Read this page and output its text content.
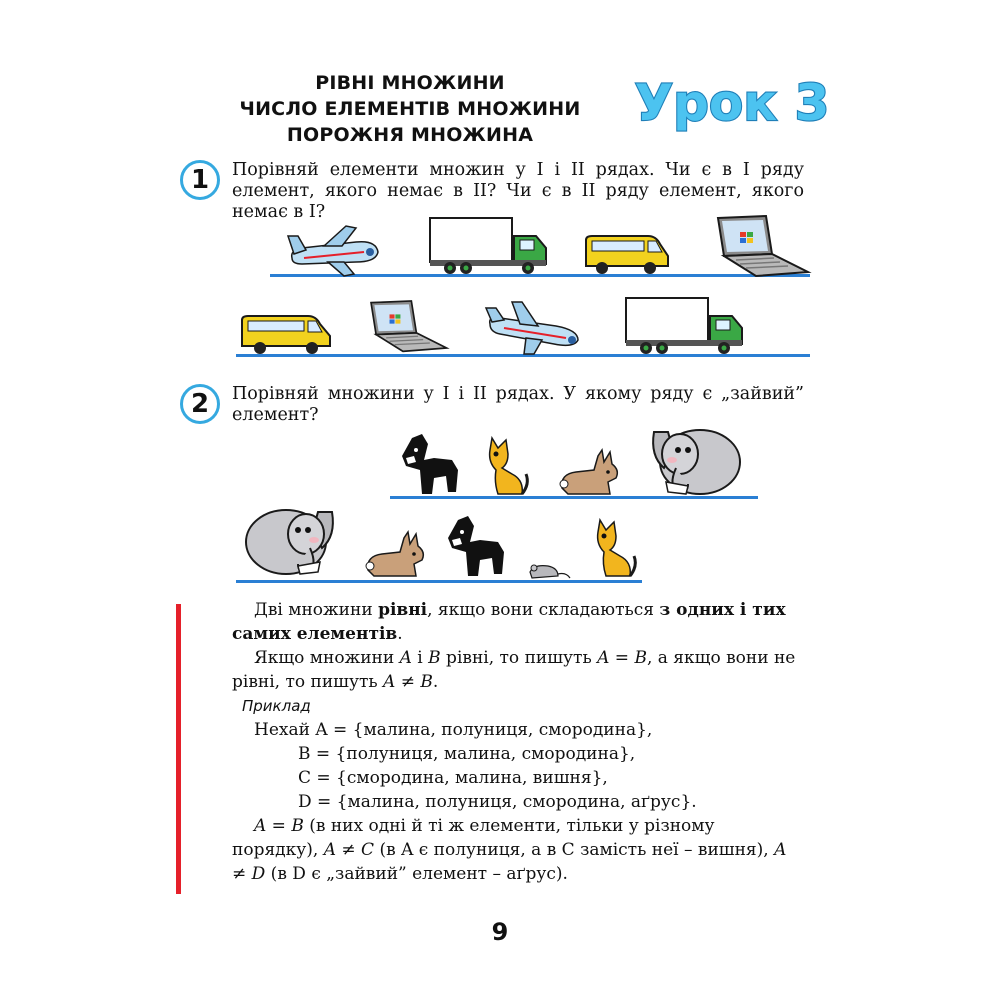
РІВНІ МНОЖИНИ
ЧИСЛО ЕЛЕМЕНТІВ МНОЖИНИ
ПОРОЖНЯ МНОЖИНА
Урок 3
1	Порівняй елементи множин у I і II рядах. Чи є в I ряду елемент, якого немає в II? Чи є в II ряду елемент, якого немає в I?
2	Порівняй множини у I і II рядах. У якому ряду є „зайвий” елемент?

Дві множини рівні, якщо вони складаються з одних і тих самих елементів.

Якщо множини A і B рівні, то пишуть A = B, а якщо вони не рівні, то пишуть A ≠ B.

Приклад

Нехай A = {малина, полуниця, смородина},

B = {полуниця, малина, смородина},

C = {смородина, малина, вишня},

D = {малина, полуниця, смородина, аґрус}.

A = B (в них одні й ті ж елементи, тільки у різному порядку), A ≠ C (в A є полуниця, а в C замість неї – вишня), A ≠ D (в D є „зайвий” елемент – аґрус).

9
